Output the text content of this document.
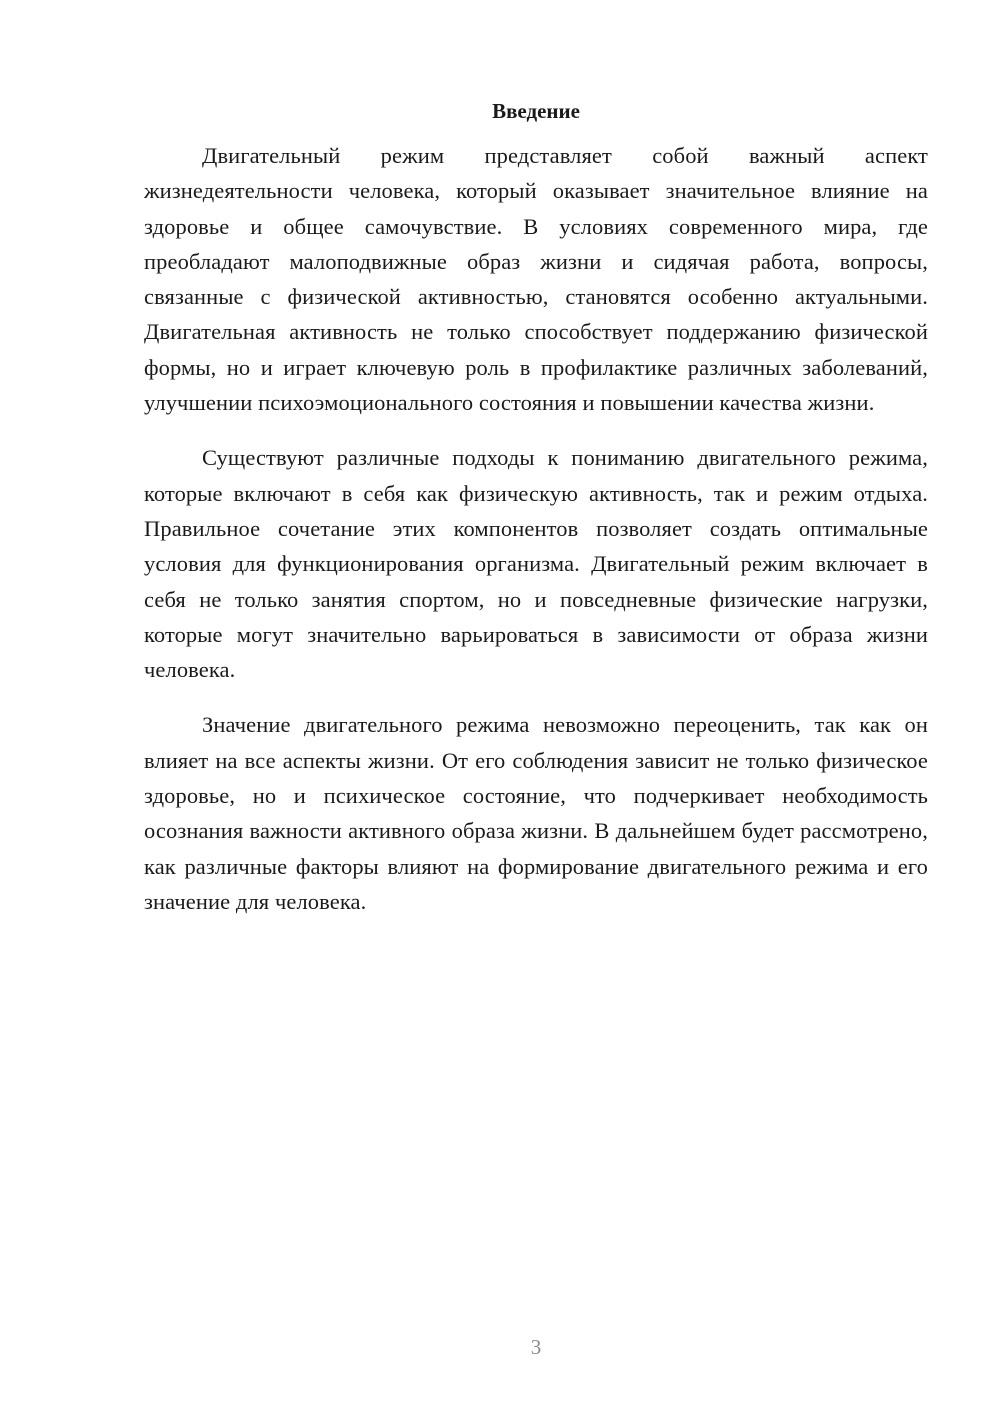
Введение

Двигательный режим представляет собой важный аспект жизнедеятельности человека, который оказывает значительное влияние на здоровье и общее самочувствие. В условиях современного мира, где преобладают малоподвижные образ жизни и сидячая работа, вопросы, связанные с физической активностью, становятся особенно актуальными. Двигательная активность не только способствует поддержанию физической формы, но и играет ключевую роль в профилактике различных заболеваний, улучшении психоэмоционального состояния и повышении качества жизни.

Существуют различные подходы к пониманию двигательного режима, которые включают в себя как физическую активность, так и режим отдыха. Правильное сочетание этих компонентов позволяет создать оптимальные условия для функционирования организма. Двигательный режим включает в себя не только занятия спортом, но и повседневные физические нагрузки, которые могут значительно варьироваться в зависимости от образа жизни человека.

Значение двигательного режима невозможно переоценить, так как он влияет на все аспекты жизни. От его соблюдения зависит не только физическое здоровье, но и психическое состояние, что подчеркивает необходимость осознания важности активного образа жизни. В дальнейшем будет рассмотрено, как различные факторы влияют на формирование двигательного режима и его значение для человека.

3
